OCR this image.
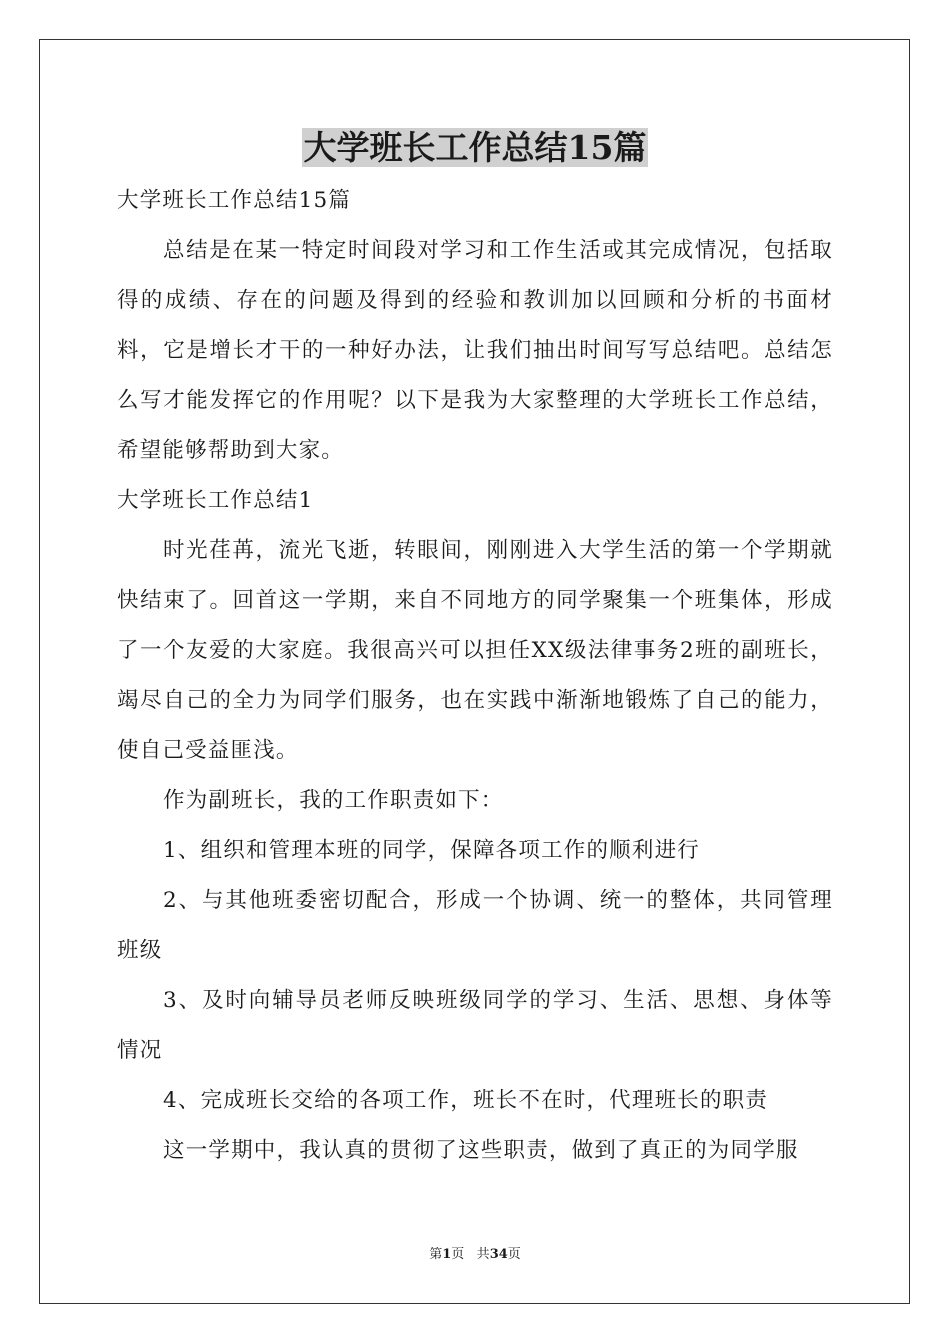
大学班长工作总结15篇

大学班长工作总结15篇

总结是在某一特定时间段对学习和工作生活或其完成情况，包括取得的成绩、存在的问题及得到的经验和教训加以回顾和分析的书面材料，它是增长才干的一种好办法，让我们抽出时间写写总结吧。总结怎么写才能发挥它的作用呢？以下是我为大家整理的大学班长工作总结，希望能够帮助到大家。

大学班长工作总结1

时光荏苒，流光飞逝，转眼间，刚刚进入大学生活的第一个学期就快结束了。回首这一学期，来自不同地方的同学聚集一个班集体，形成了一个友爱的大家庭。我很高兴可以担任XX级法律事务2班的副班长，竭尽自己的全力为同学们服务，也在实践中渐渐地锻炼了自己的能力，使自己受益匪浅。

作为副班长，我的工作职责如下：

1、组织和管理本班的同学，保障各项工作的顺利进行

2、与其他班委密切配合，形成一个协调、统一的整体，共同管理班级

3、及时向辅导员老师反映班级同学的学习、生活、思想、身体等情况

4、完成班长交给的各项工作，班长不在时，代理班长的职责

这一学期中，我认真的贯彻了这些职责，做到了真正的为同学服

第1页 共34页
